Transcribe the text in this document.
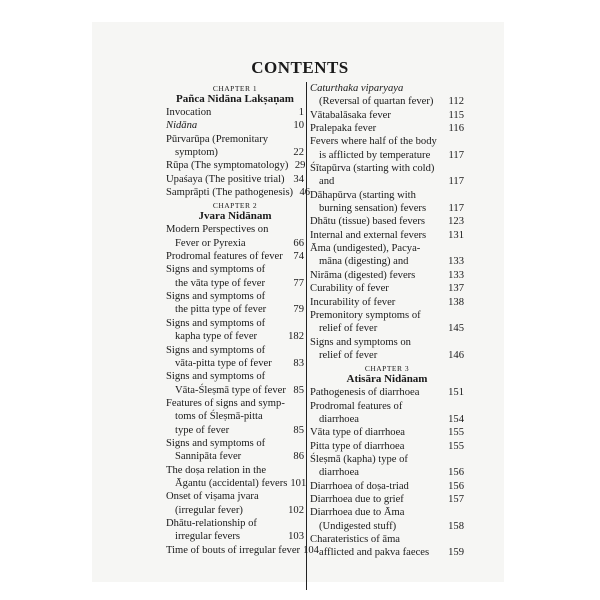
CONTENTS
CHAPTER 1
Pañca Nidāna Lakṣaṇam
Invocation	1
Nidāna	10
Pūrvarūpa (Premonitary
symptom)	22
Rūpa (The symptomatology) 29
Upaśaya (The positive trial) 34
Samprāpti (The pathogenesis) 46
CHAPTER 2
Jvara Nidānam
Modern Perspectives on
Fever or Pyrexia	66
Prodromal features of fever	74
Signs and symptoms of
the vāta type of fever	77
Signs and symptoms of
the pitta type of fever	79
Signs and symptoms of
kapha type of fever	182
Signs and symptoms of
vāta-pitta type of fever	83
Signs and symptoms of
Vāta-Śleṣmā type of fever 85
Features of signs and symp-
toms of Śleṣmā-pitta
type of fever	85
Signs and symptoms of
Sannipāta fever	86
The doṣa relation in the
Āgantu (accidental) fevers 101
Onset of viṣama jvara
(irregular fever)	102
Dhātu-relationship of
irregular fevers	103
Time of bouts of irregular fever 104
Caturthaka viparyaya
(Reversal of quartan fever)	112
Vātabalāsaka fever	115
Pralepaka fever	116
Fevers where half of the body
is afflicted by temperature	117
Śītapūrva (starting with cold)
and	117
Dāhapūrva (starting with
burning sensation) fevers	117
Dhātu (tissue) based fevers	123
Internal and external fevers	131
Āma (undigested), Pacya-
māna (digesting) and	133
Nirāma (digested) fevers	133
Curability of fever	137
Incurability of fever	138
Premonitory symptoms of
relief of fever	145
Signs and symptoms on
relief of fever	146
CHAPTER 3
Atisāra Nidānam
Pathogenesis of diarrhoea	151
Prodromal features of
diarrhoea	154
Vāta type of diarrhoea	155
Pitta type of diarrhoea	155
Śleṣmā (kapha) type of
diarrhoea	156
Diarrhoea of doṣa-triad	156
Diarrhoea due to grief	157
Diarrhoea due to Āma
(Undigested stuff)	158
Charateristics of āma
afflicted and pakva faeces	159
